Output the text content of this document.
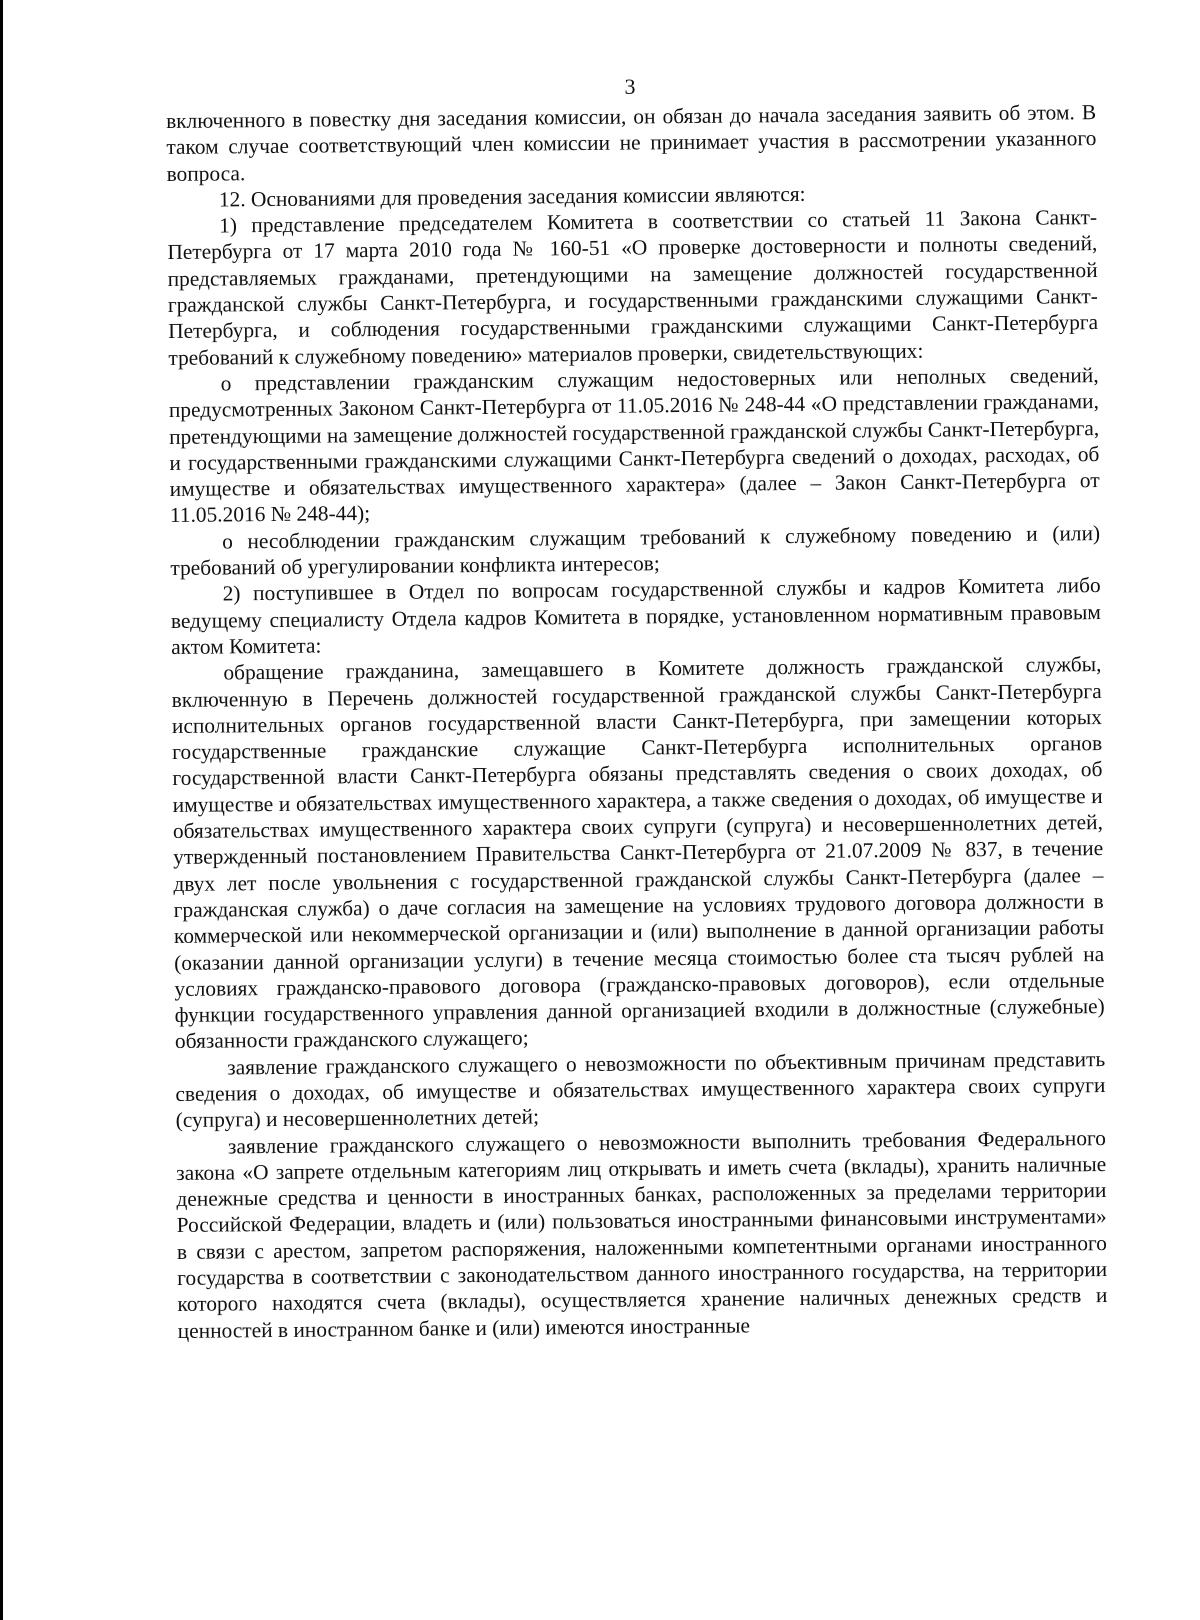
3

включенного в повестку дня заседания комиссии, он обязан до начала заседания заявить об этом. В таком случае соответствующий член комиссии не принимает участия в рассмотрении указанного вопроса.

12. Основаниями для проведения заседания комиссии являются:

1) представление председателем Комитета в соответствии со статьей 11 Закона Санкт-Петербурга от 17 марта 2010 года № 160-51 «О проверке достоверности и полноты сведений, представляемых гражданами, претендующими на замещение должностей государственной гражданской службы Санкт-Петербурга, и государственными гражданскими служащими Санкт-Петербурга, и соблюдения государственными гражданскими служащими Санкт-Петербурга требований к служебному поведению» материалов проверки, свидетельствующих:

о представлении гражданским служащим недостоверных или неполных сведений, предусмотренных Законом Санкт-Петербурга от 11.05.2016 № 248-44 «О представлении гражданами, претендующими на замещение должностей государственной гражданской службы Санкт-Петербурга, и государственными гражданскими служащими Санкт-Петербурга сведений о доходах, расходах, об имуществе и обязательствах имущественного характера» (далее – Закон Санкт-Петербурга от 11.05.2016 № 248-44);

о несоблюдении гражданским служащим требований к служебному поведению и (или) требований об урегулировании конфликта интересов;

2) поступившее в Отдел по вопросам государственной службы и кадров Комитета либо ведущему специалисту Отдела кадров Комитета в порядке, установленном нормативным правовым актом Комитета:

обращение гражданина, замещавшего в Комитете должность гражданской службы, включенную в Перечень должностей государственной гражданской службы Санкт-Петербурга исполнительных органов государственной власти Санкт-Петербурга, при замещении которых государственные гражданские служащие Санкт-Петербурга исполнительных органов государственной власти Санкт-Петербурга обязаны представлять сведения о своих доходах, об имуществе и обязательствах имущественного характера, а также сведения о доходах, об имуществе и обязательствах имущественного характера своих супруги (супруга) и несовершеннолетних детей, утвержденный постановлением Правительства Санкт-Петербурга от 21.07.2009 № 837, в течение двух лет после увольнения с государственной гражданской службы Санкт-Петербурга (далее – гражданская служба) о даче согласия на замещение на условиях трудового договора должности в коммерческой или некоммерческой организации и (или) выполнение в данной организации работы (оказании данной организации услуги) в течение месяца стоимостью более ста тысяч рублей на условиях гражданско-правового договора (гражданско-правовых договоров), если отдельные функции государственного управления данной организацией входили в должностные (служебные) обязанности гражданского служащего;

заявление гражданского служащего о невозможности по объективным причинам представить сведения о доходах, об имуществе и обязательствах имущественного характера своих супруги (супруга) и несовершеннолетних детей;

заявление гражданского служащего о невозможности выполнить требования Федерального закона «О запрете отдельным категориям лиц открывать и иметь счета (вклады), хранить наличные денежные средства и ценности в иностранных банках, расположенных за пределами территории Российской Федерации, владеть и (или) пользоваться иностранными финансовыми инструментами» в связи с арестом, запретом распоряжения, наложенными компетентными органами иностранного государства в соответствии с законодательством данного иностранного государства, на территории которого находятся счета (вклады), осуществляется хранение наличных денежных средств и ценностей в иностранном банке и (или) имеются иностранные
